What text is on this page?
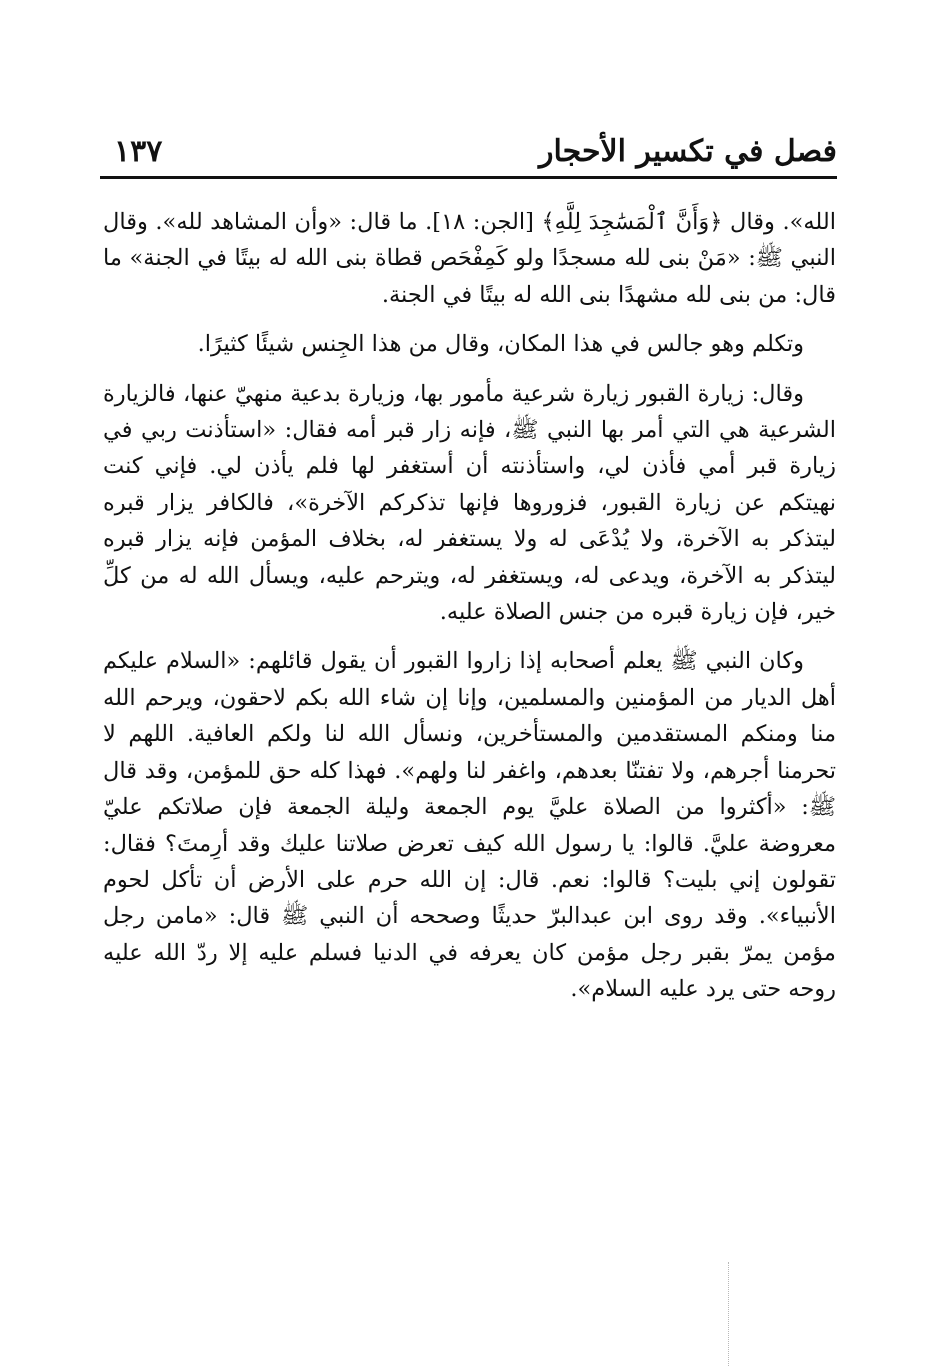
فصل في تكسير الأحجار
١٣٧

الله». وقال ﴿وَأَنَّ ٱلْمَسَٰجِدَ لِلَّهِ﴾ [الجن: ١٨]. ما قال: «وأن المشاهد لله». وقال النبي ﷺ: «مَنْ بنى لله مسجدًا ولو كَمِفْحَص قطاة بنى الله له بيتًا في الجنة» ما قال: من بنى لله مشهدًا بنى الله له بيتًا في الجنة.

وتكلم وهو جالس في هذا المكان، وقال من هذا الجِنس شيئًا كثيرًا.

وقال: زيارة القبور زيارة شرعية مأمور بها، وزيارة بدعية منهيّ عنها، فالزيارة الشرعية هي التي أمر بها النبي ﷺ، فإنه زار قبر أمه فقال: «استأذنت ربي في زيارة قبر أمي فأذن لي، واستأذنته أن أستغفر لها فلم يأذن لي. فإني كنت نهيتكم عن زيارة القبور، فزوروها فإنها تذكركم الآخرة»، فالكافر يزار قبره ليتذكر به الآخرة، ولا يُدْعَى له ولا يستغفر له، بخلاف المؤمن فإنه يزار قبره ليتذكر به الآخرة، ويدعى له، ويستغفر له، ويترحم عليه، ويسأل الله له من كلِّ خير، فإن زيارة قبره من جنس الصلاة عليه.

وكان النبي ﷺ يعلم أصحابه إذا زاروا القبور أن يقول قائلهم: «السلام عليكم أهل الديار من المؤمنين والمسلمين، وإنا إن شاء الله بكم لاحقون، ويرحم الله منا ومنكم المستقدمين والمستأخرين، ونسأل الله لنا ولكم العافية. اللهم لا تحرمنا أجرهم، ولا تفتنّا بعدهم، واغفر لنا ولهم». فهذا كله حق للمؤمن، وقد قال ﷺ: «أكثروا من الصلاة عليَّ يوم الجمعة وليلة الجمعة فإن صلاتكم عليّ معروضة عليَّ. قالوا: يا رسول الله كيف تعرض صلاتنا عليك وقد أرِمتَ؟ فقال: تقولون إني بليت؟ قالوا: نعم. قال: إن الله حرم على الأرض أن تأكل لحوم الأنبياء». وقد روى ابن عبدالبرّ حديثًا وصححه أن النبي ﷺ قال: «مامن رجل مؤمن يمرّ بقبر رجل مؤمن كان يعرفه في الدنيا فسلم عليه إلا ردّ الله عليه روحه حتى يرد عليه السلام».
